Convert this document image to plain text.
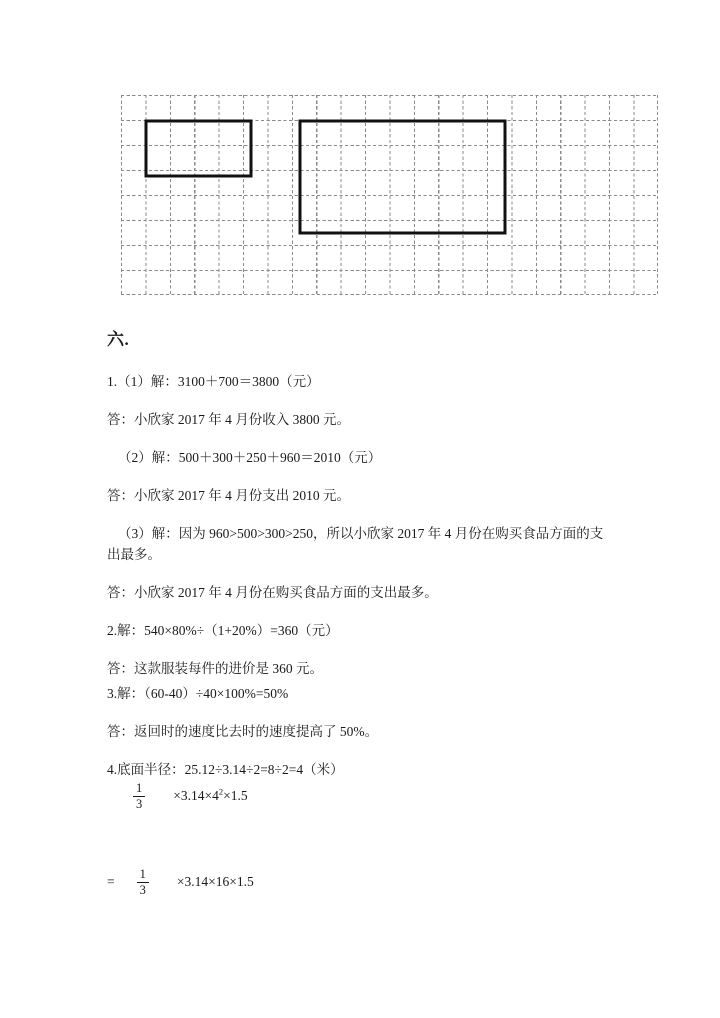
六.

1.（1）解：3100＋700＝3800（元）

答：小欣家 2017 年 4 月份收入 3800 元。

（2）解：500＋300＋250＋960＝2010（元）

答：小欣家 2017 年 4 月份支出 2010 元。

（3）解：因为 960>500>300>250，所以小欣家 2017 年 4 月份在购买食品方面的支出最多。

答：小欣家 2017 年 4 月份在购买食品方面的支出最多。

2.解：540×80%÷（1+20%）=360（元）

答：这款服装每件的进价是 360 元。

3.解：（60-40）÷40×100%=50%

答：返回时的速度比去时的速度提高了 50%。

4.底面半径：25.12÷3.14÷2=8÷2=4（米）

$\frac{1}{3} \times 3.14\times 4^2\times 1.5$
= $\frac{1}{3} \times 3.14\times 16\times 1.5$
